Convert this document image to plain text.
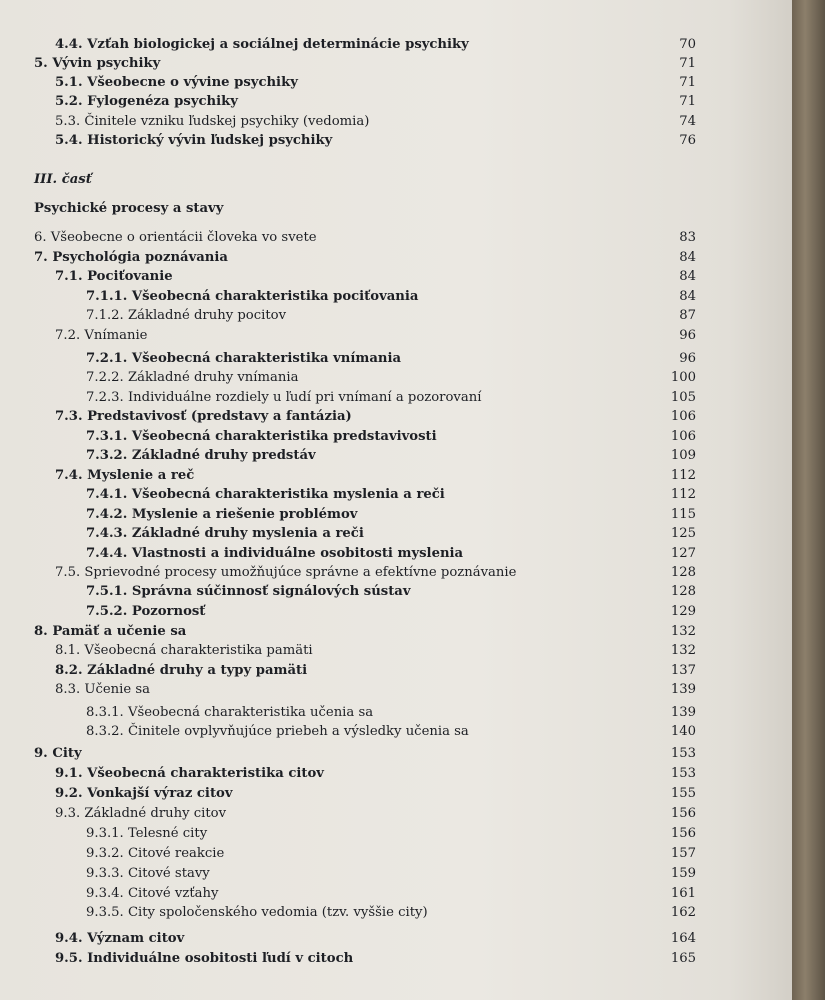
4.4. Vzťah biologickej a sociálnej determinácie psychiky	70
5. Vývin psychiky	71
5.1. Všeobecne o vývine psychiky	71
5.2. Fylogenéza psychiky	71
5.3. Činitele vzniku ľudskej psychiky (vedomia)	74
5.4. Historický vývin ľudskej psychiky	76
III. časť
Psychické procesy a stavy
6. Všeobecne o orientácii človeka vo svete	83
7. Psychológia poznávania	84
7.1. Pociťovanie	84
7.1.1. Všeobecná charakteristika pociťovania	84
7.1.2. Základné druhy pocitov	87
7.2. Vnímanie	96
7.2.1. Všeobecná charakteristika vnímania	96
7.2.2. Základné druhy vnímania	100
7.2.3. Individuálne rozdiely u ľudí pri vnímaní a pozorovaní	105
7.3. Predstavivosť (predstavy a fantázia)	106
7.3.1. Všeobecná charakteristika predstavivosti	106
7.3.2. Základné druhy predstáv	109
7.4. Myslenie a reč	112
7.4.1. Všeobecná charakteristika myslenia a reči	112
7.4.2. Myslenie a riešenie problémov	115
7.4.3. Základné druhy myslenia a reči	125
7.4.4. Vlastnosti a individuálne osobitosti myslenia	127
7.5. Sprievodné procesy umožňujúce správne a efektívne poznávanie	128
7.5.1. Správna súčinnosť signálových sústav	128
7.5.2. Pozornosť	129
8. Pamäť a učenie sa	132
8.1. Všeobecná charakteristika pamäti	132
8.2. Základné druhy a typy pamäti	137
8.3. Učenie sa	139
8.3.1. Všeobecná charakteristika učenia sa	139
8.3.2. Činitele ovplyvňujúce priebeh a výsledky učenia sa	140
9. City	153
9.1. Všeobecná charakteristika citov	153
9.2. Vonkajší výraz citov	155
9.3. Základné druhy citov	156
9.3.1. Telesné city	156
9.3.2. Citové reakcie	157
9.3.3. Citové stavy	159
9.3.4. Citové vzťahy	161
9.3.5. City spoločenského vedomia (tzv. vyššie city)	162
9.4. Význam citov	164
9.5. Individuálne osobitosti ľudí v citoch	165
